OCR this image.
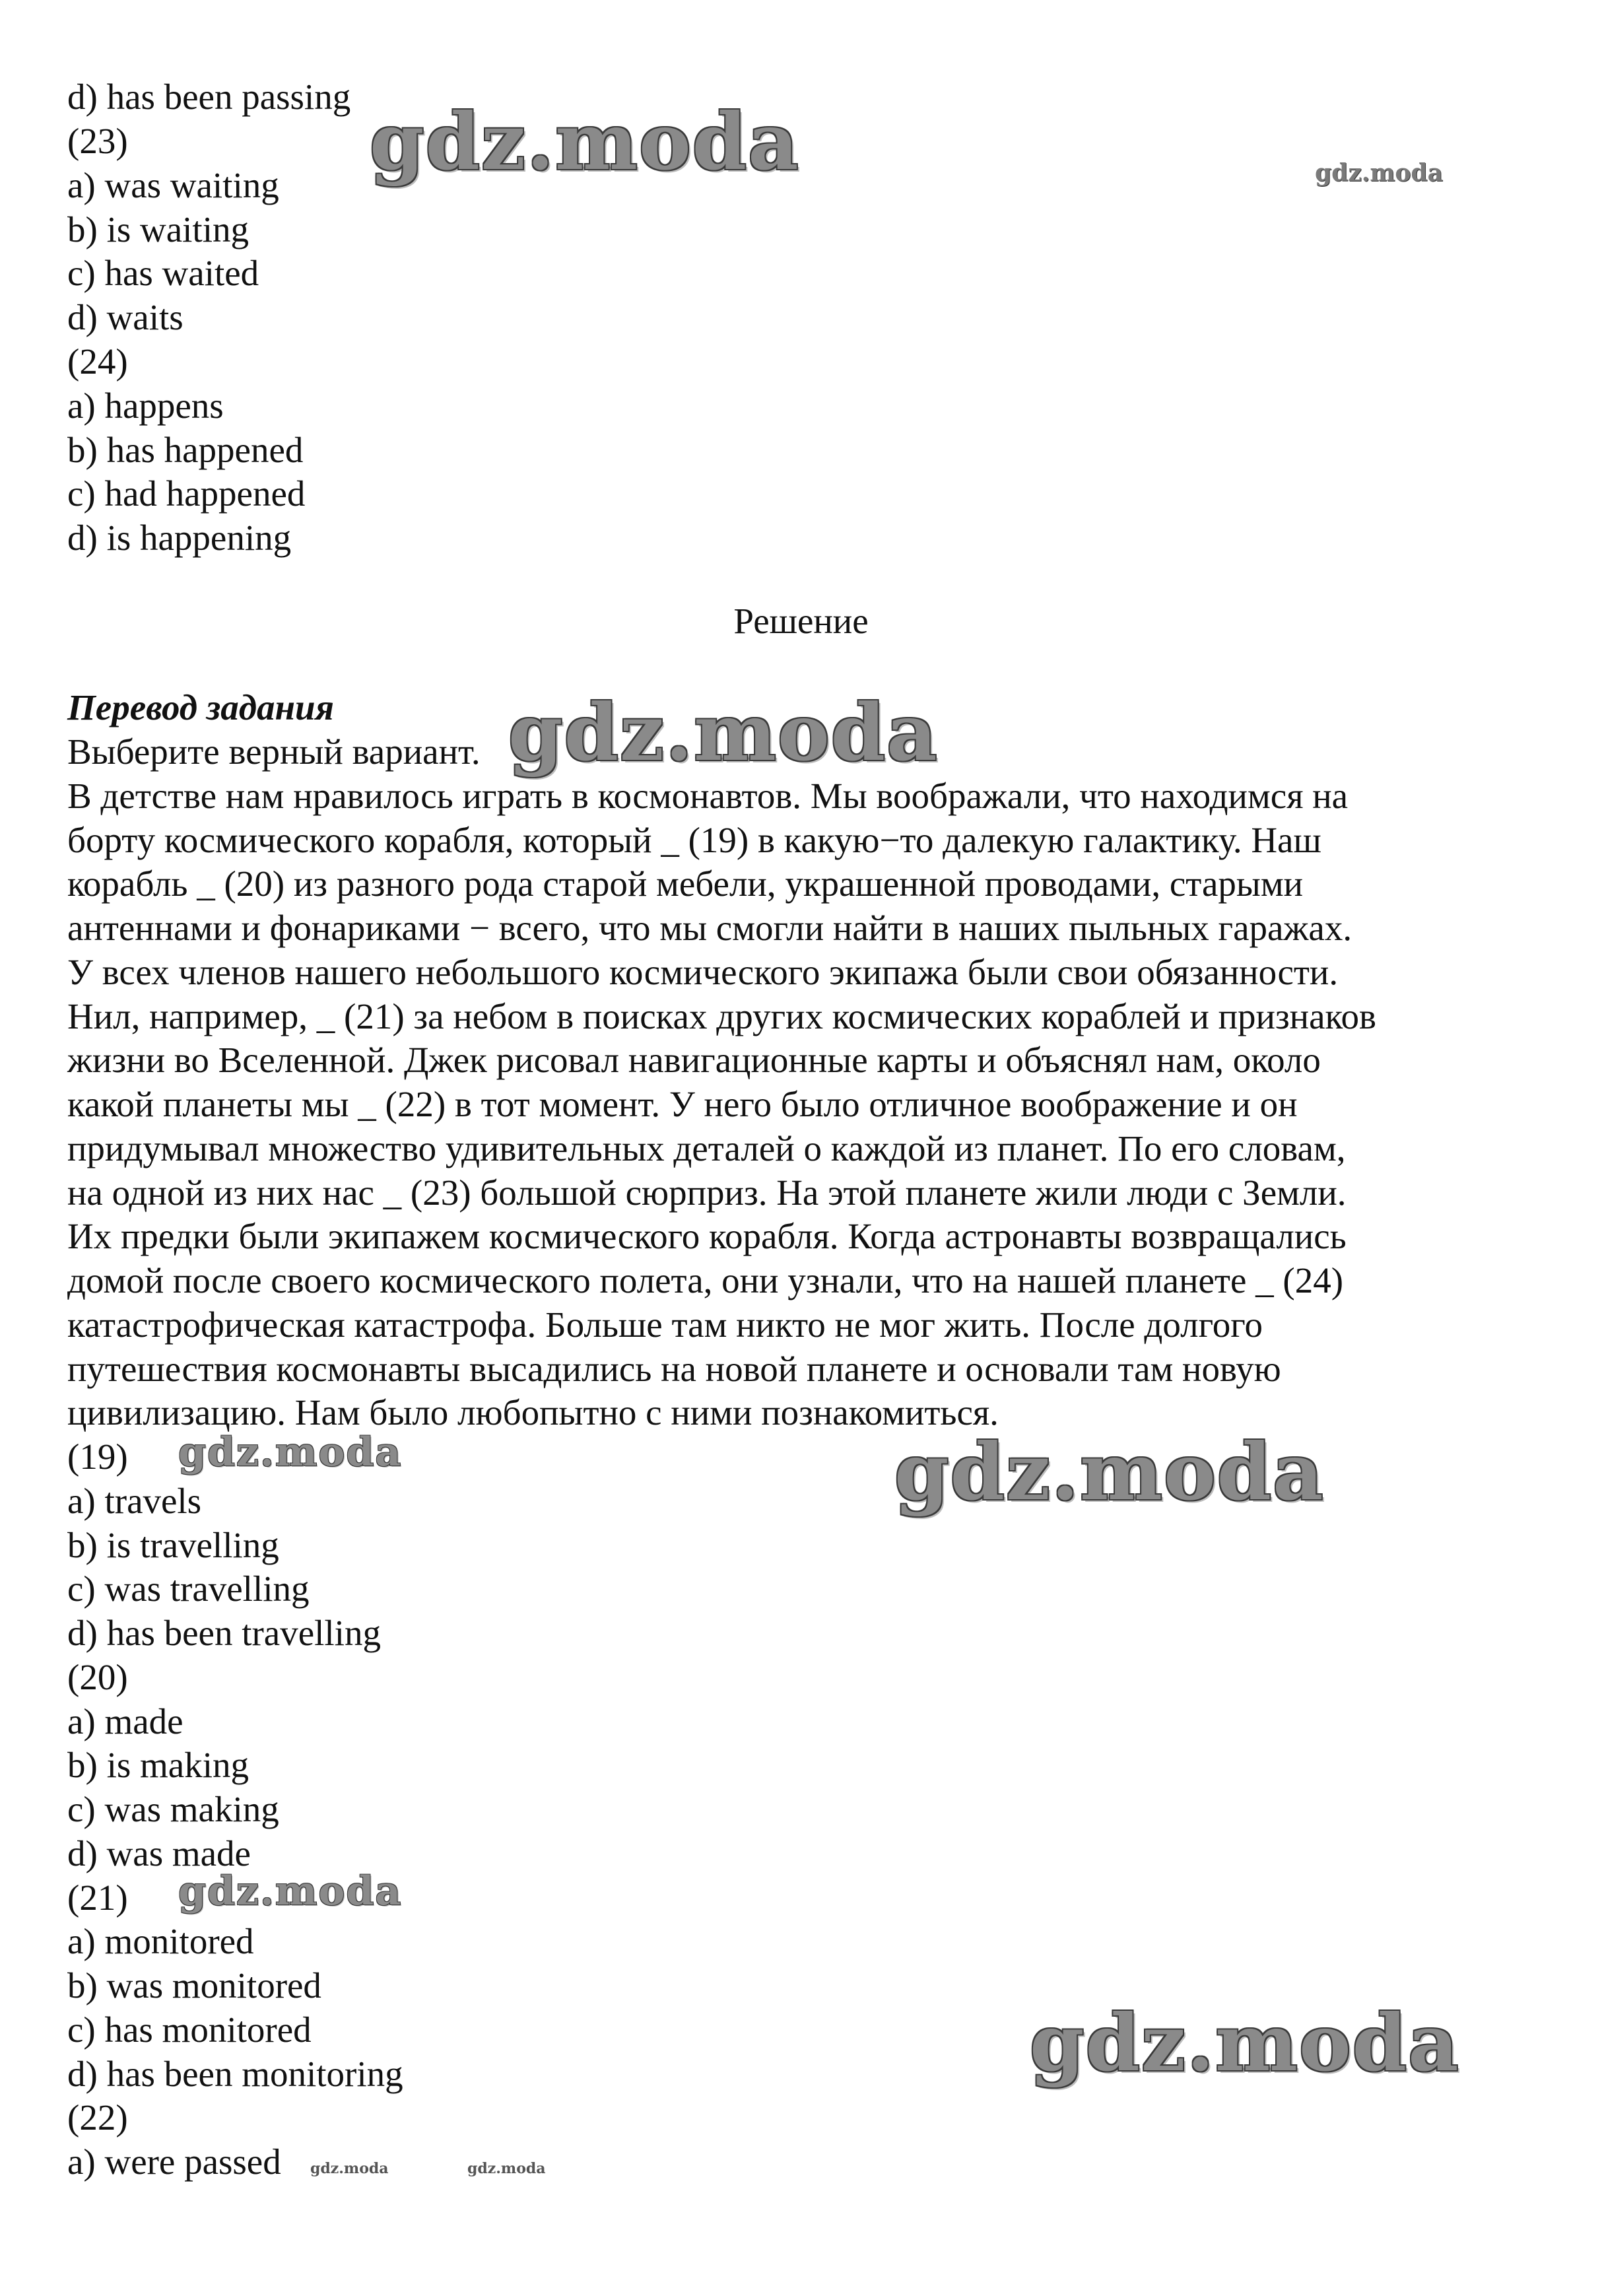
d) has been passing
(23)
a) was waiting
b) is waiting
c) has waited
d) waits
(24)
a) happens
b) has happened
c) had happened
d) is happening
Решение
Перевод задания
Выберите верный вариант.
В детстве нам нравилось играть в космонавтов. Мы воображали, что находимся на
борту космического корабля, который _ (19) в какую−то далекую галактику. Наш
корабль _ (20) из разного рода старой мебели, украшенной проводами, старыми
антеннами и фонариками − всего, что мы смогли найти в наших пыльных гаражах.
У всех членов нашего небольшого космического экипажа были свои обязанности.
Нил, например, _ (21) за небом в поисках других космических кораблей и признаков
жизни во Вселенной. Джек рисовал навигационные карты и объяснял нам, около
какой планеты мы _ (22) в тот момент. У него было отличное воображение и он
придумывал множество удивительных деталей о каждой из планет. По его словам,
на одной из них нас _ (23) большой сюрприз. На этой планете жили люди с Земли.
Их предки были экипажем космического корабля. Когда астронавты возвращались
домой после своего космического полета, они узнали, что на нашей планете _ (24)
катастрофическая катастрофа. Больше там никто не мог жить. После долгого
путешествия космонавты высадились на новой планете и основали там новую
цивилизацию. Нам было любопытно с ними познакомиться.
(19)
a) travels
b) is travelling
c) was travelling
d) has been travelling
(20)
a) made
b) is making
c) was making
d) was made
(21)
a) monitored
b) was monitored
c) has monitored
d) has been monitoring
(22)
a) were passed
gdz.moda	gdz.moda
gdz.moda
gdz.moda	gdz.moda
gdz.moda
gdz.moda
gdz.moda	gdz.moda
